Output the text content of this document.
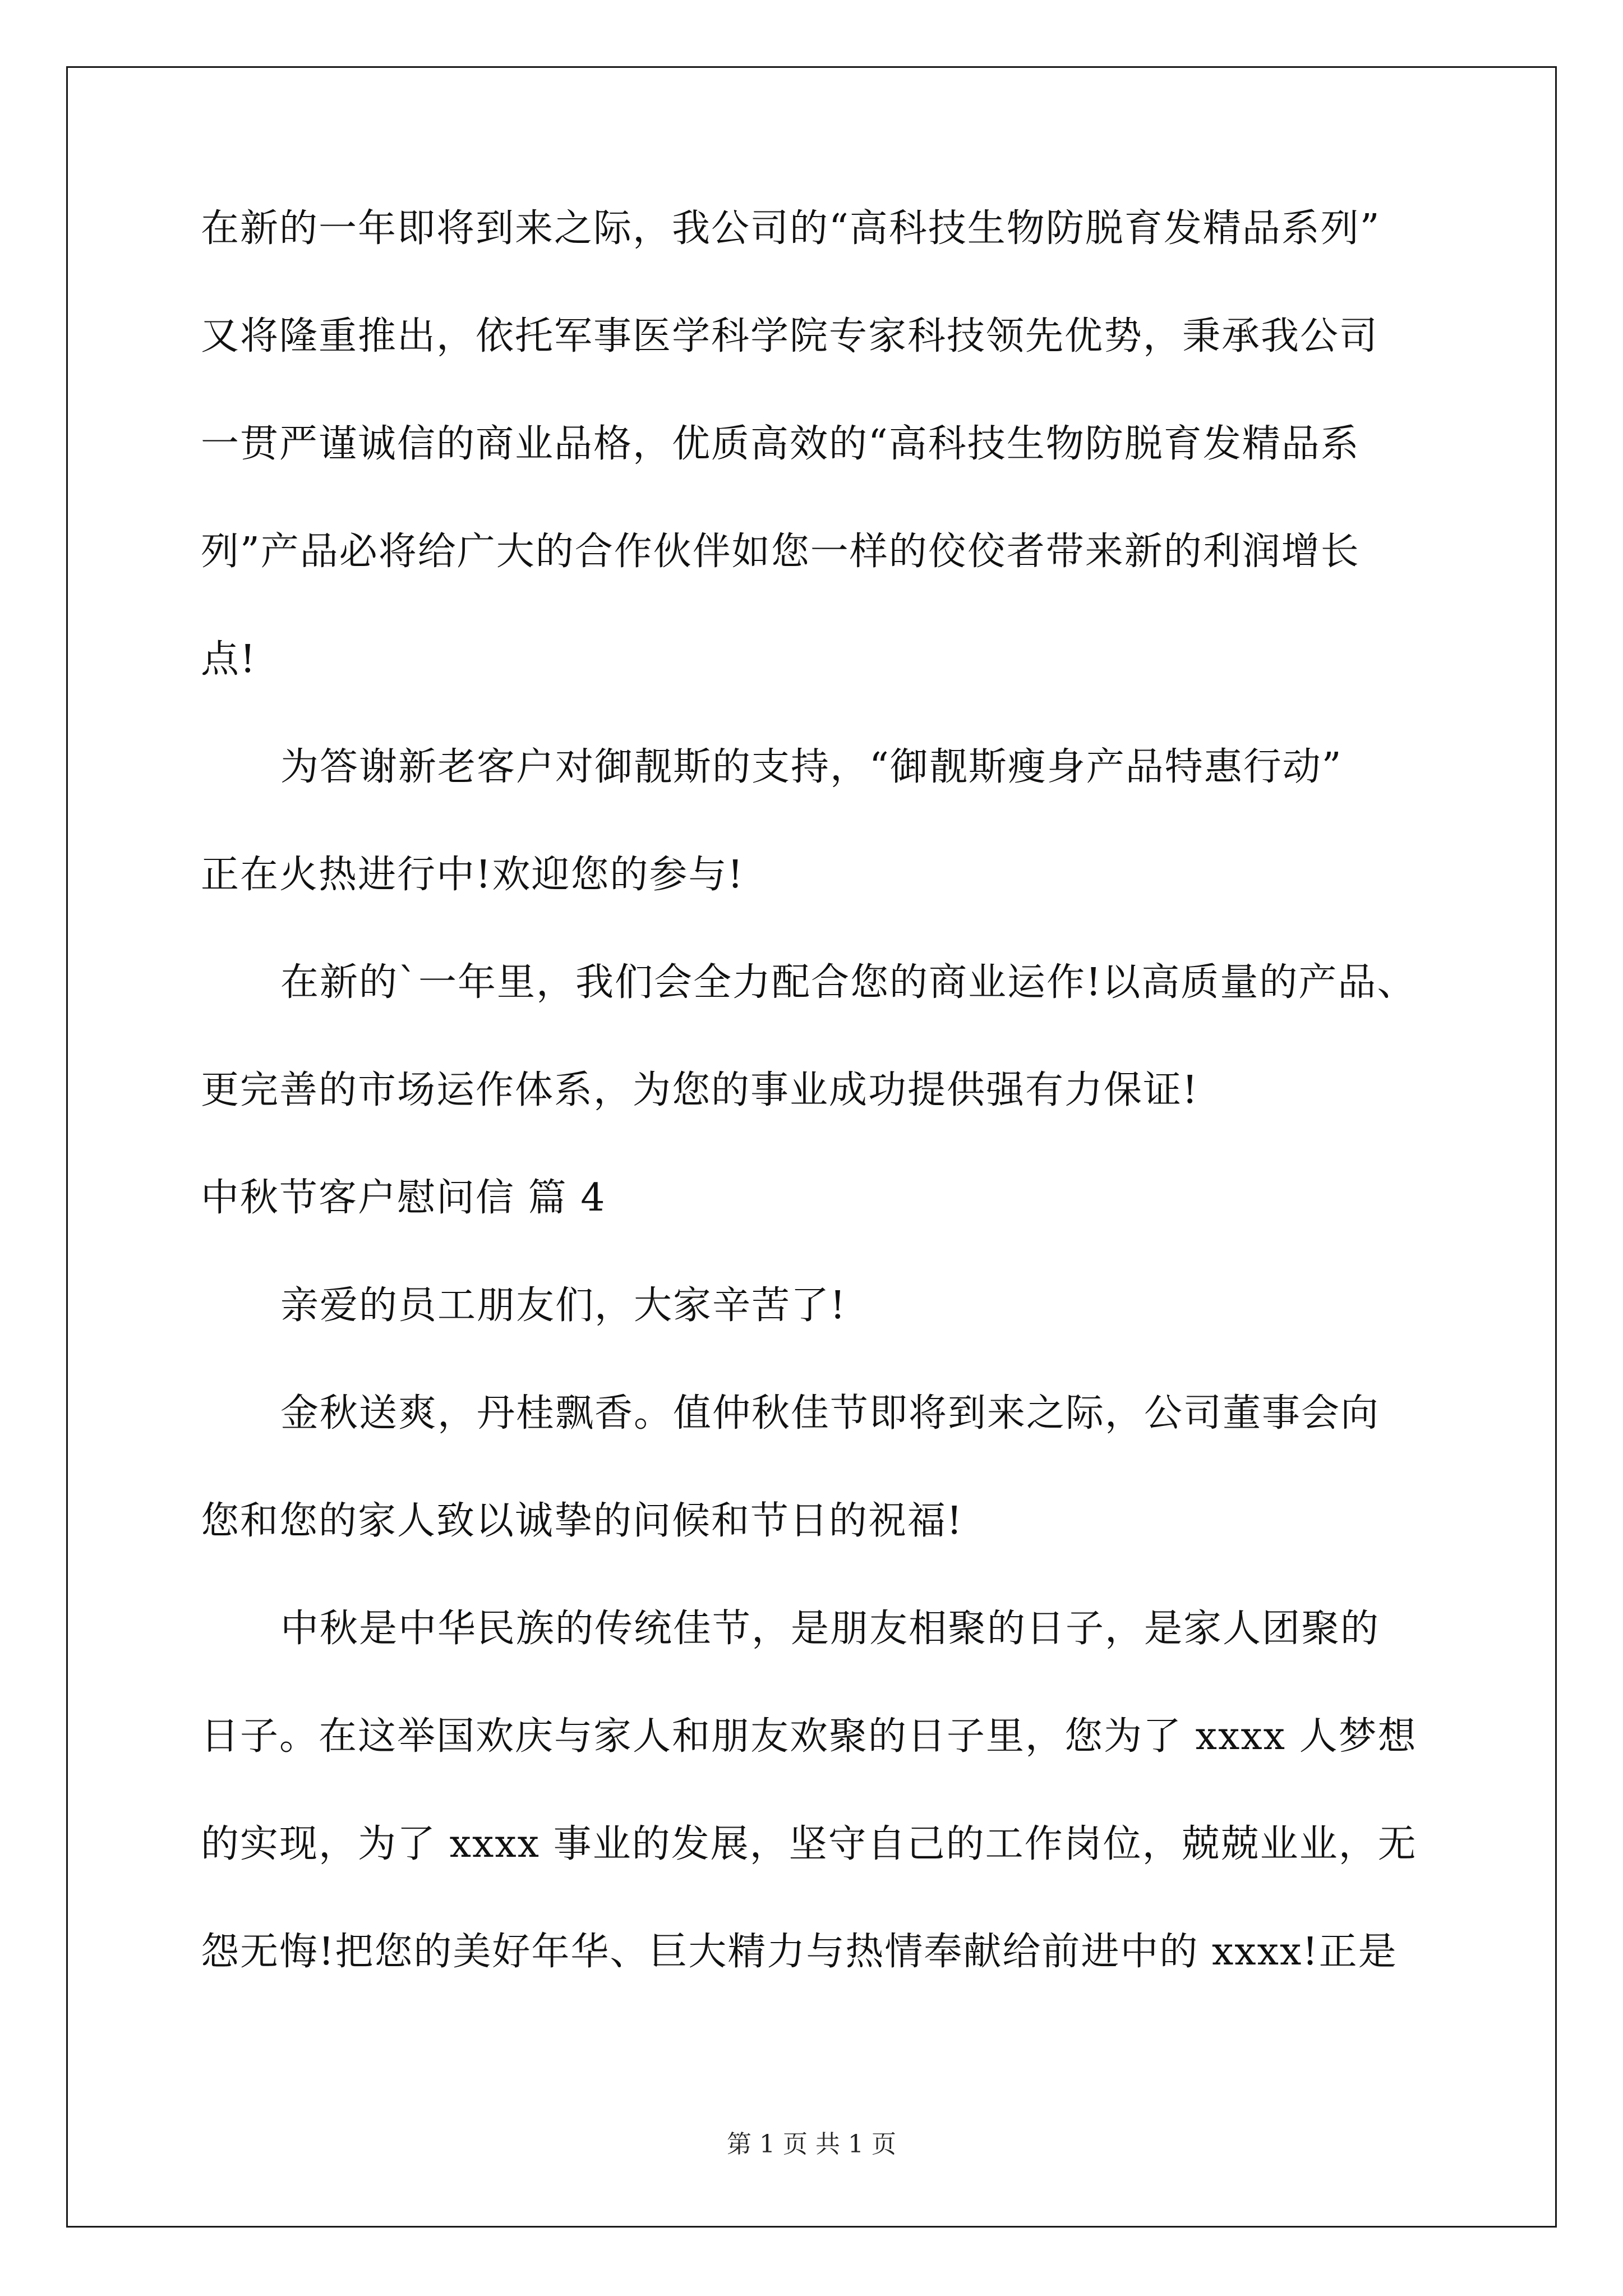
在新的一年即将到来之际，我公司的“高科技生物防脱育发精品系列”
又将隆重推出，依托军事医学科学院专家科技领先优势，秉承我公司
一贯严谨诚信的商业品格，优质高效的“高科技生物防脱育发精品系
列”产品必将给广大的合作伙伴如您一样的佼佼者带来新的利润增长
点!
为答谢新老客户对御靓斯的支持，“御靓斯瘦身产品特惠行动”
正在火热进行中!欢迎您的参与!
在新的`一年里，我们会全力配合您的商业运作!以高质量的产品、
更完善的市场运作体系，为您的事业成功提供强有力保证!
中秋节客户慰问信 篇 4
亲爱的员工朋友们，大家辛苦了!
金秋送爽，丹桂飘香。值仲秋佳节即将到来之际，公司董事会向
您和您的家人致以诚挚的问候和节日的祝福!
中秋是中华民族的传统佳节，是朋友相聚的日子，是家人团聚的
日子。在这举国欢庆与家人和朋友欢聚的日子里，您为了 xxxx 人梦想
的实现，为了 xxxx 事业的发展，坚守自己的工作岗位，兢兢业业，无
怨无悔!把您的美好年华、巨大精力与热情奉献给前进中的 xxxx!正是
第 1 页 共 1 页
